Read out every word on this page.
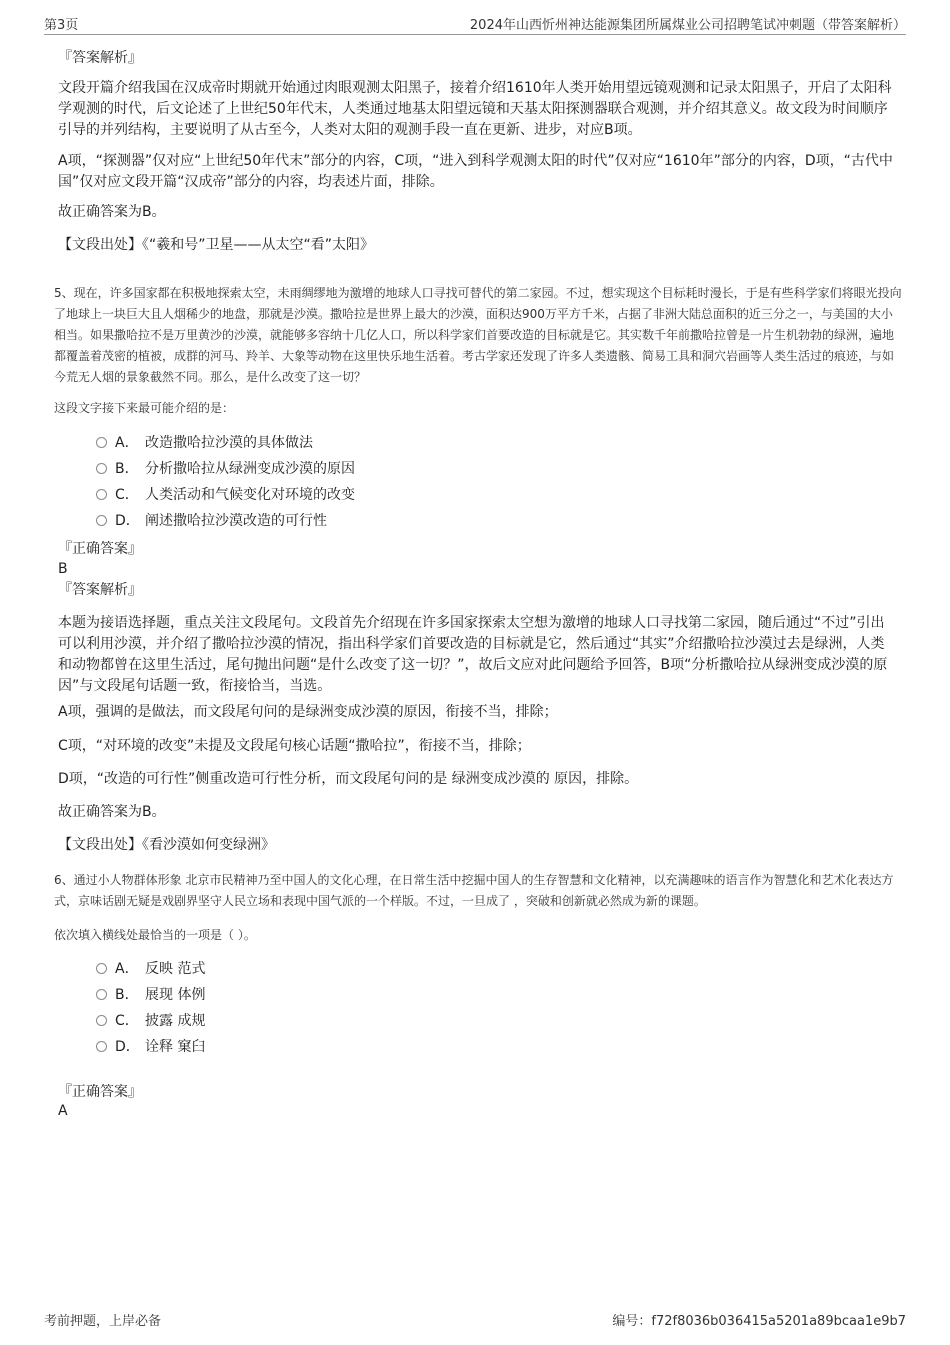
第3页	2024年山西忻州神达能源集团所属煤业公司招聘笔试冲刺题（带答案解析）
『答案解析』
文段开篇介绍我国在汉成帝时期就开始通过肉眼观测太阳黑子，接着介绍1610年人类开始用望远镜观测和记录太阳黑子，开启了太阳科学观测的时代，后文论述了上世纪50年代末，人类通过地基太阳望远镜和天基太阳探测器联合观测，并介绍其意义。故文段为时间顺序引导的并列结构，主要说明了从古至今，人类对太阳的观测手段一直在更新、进步，对应B项。
A项，“探测器”仅对应“上世纪50年代末”部分的内容，C项，“进入到科学观测太阳的时代”仅对应“1610年”部分的内容，D项，“古代中国”仅对应文段开篇“汉成帝”部分的内容，均表述片面，排除。
故正确答案为B。
【文段出处】《“羲和号”卫星——从太空“看”太阳》
5、现在，许多国家都在积极地探索太空，未雨绸缪地为激增的地球人口寻找可替代的第二家园。不过，想实现这个目标耗时漫长，于是有些科学家们将眼光投向了地球上一块巨大且人烟稀少的地盘，那就是沙漠。撒哈拉是世界上最大的沙漠，面积达900万平方千米，占据了非洲大陆总面积的近三分之一，与美国的大小相当。如果撒哈拉不是万里黄沙的沙漠，就能够多容纳十几亿人口，所以科学家们首要改造的目标就是它。其实数千年前撒哈拉曾是一片生机勃勃的绿洲，遍地都覆盖着茂密的植被，成群的河马、羚羊、大象等动物在这里快乐地生活着。考古学家还发现了许多人类遗骸、简易工具和洞穴岩画等人类生活过的痕迹，与如今荒无人烟的景象截然不同。那么，是什么改变了这一切？
这段文字接下来最可能介绍的是：
A． 改造撒哈拉沙漠的具体做法
B． 分析撒哈拉从绿洲变成沙漠的原因
C． 人类活动和气候变化对环境的改变
D． 阐述撒哈拉沙漠改造的可行性
『正确答案』
B
『答案解析』
本题为接语选择题，重点关注文段尾句。文段首先介绍现在许多国家探索太空想为激增的地球人口寻找第二家园，随后通过“不过”引出可以利用沙漠，并介绍了撒哈拉沙漠的情况，指出科学家们首要改造的目标就是它，然后通过“其实”介绍撒哈拉沙漠过去是绿洲，人类和动物都曾在这里生活过，尾句抛出问题“是什么改变了这一切？”，故后文应对此问题给予回答，B项“分析撒哈拉从绿洲变成沙漠的原因”与文段尾句话题一致，衔接恰当，当选。
A项，强调的是做法，而文段尾句问的是绿洲变成沙漠的原因，衔接不当，排除；
C项，“对环境的改变”未提及文段尾句核心话题“撒哈拉”，衔接不当，排除；
D项，“改造的可行性”侧重改造可行性分析，而文段尾句问的是 绿洲变成沙漠的 原因，排除。
故正确答案为B。
【文段出处】《看沙漠如何变绿洲》
6、通过小人物群体形象 北京市民精神乃至中国人的文化心理，在日常生活中挖掘中国人的生存智慧和文化精神，以充满趣味的语言作为智慧化和艺术化表达方式，京味话剧无疑是戏剧界坚守人民立场和表现中国气派的一个样版。不过，一旦成了 ，突破和创新就必然成为新的课题。
依次填入横线处最恰当的一项是（ ）。
A． 反映 范式
B． 展现 体例
C． 披露 成规
D． 诠释 窠臼
『正确答案』
A
考前押题，上岸必备	编号：f72f8036b036415a5201a89bcaa1e9b7
